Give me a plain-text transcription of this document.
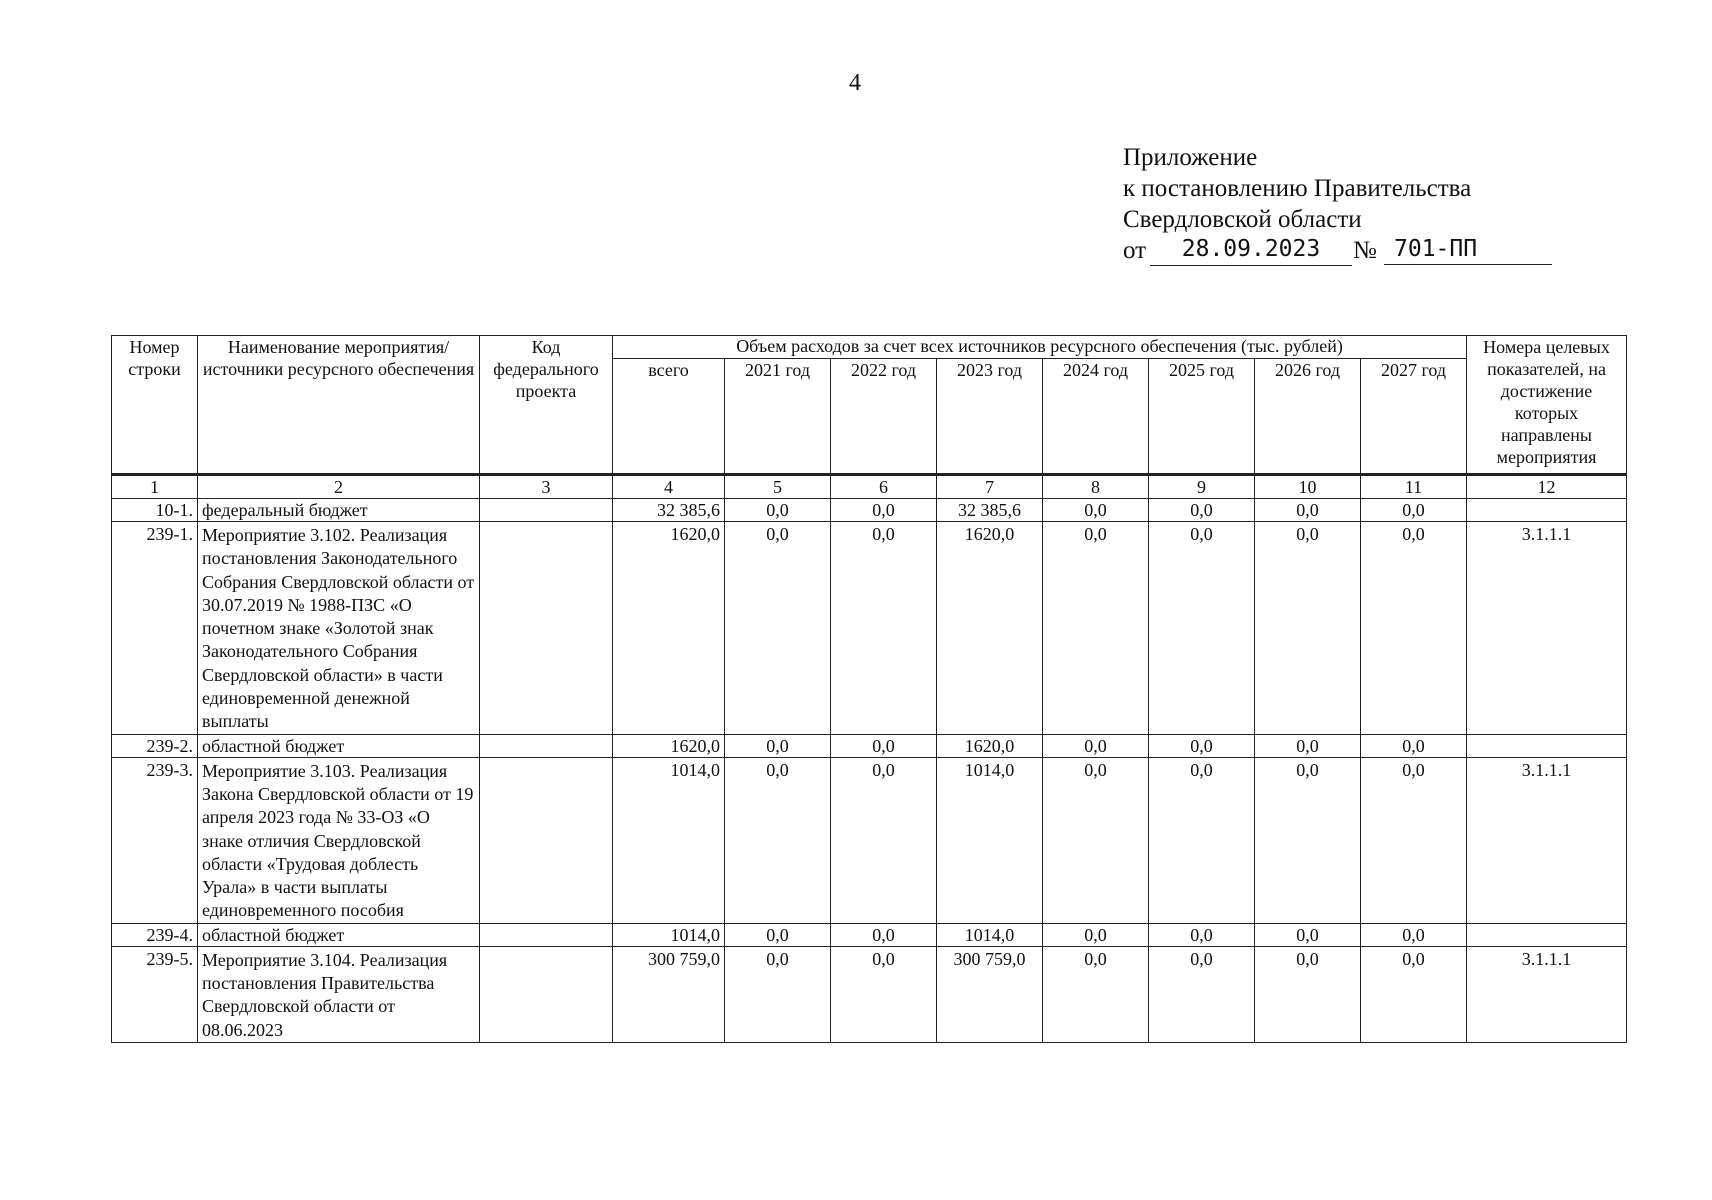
4
Приложение
к постановлению Правительства
Свердловской области
от	28.09.2023	№ 701-ПП
Номер строки	Наименование мероприятия/ источники ресурсного обеспечения	Код федерального проекта	Объем расходов за счет всех источников ресурсного обеспечения (тыс. рублей)								Номера целевых показателей, на достижение которых направлены мероприятия
			всего	2021 год	2022 год	2023 год	2024 год	2025 год	2026 год	2027 год	
1	2	3	4	5	6	7	8	9	10	11	12
10-1.	федеральный бюджет		32 385,6	0,0	0,0	32 385,6	0,0	0,0	0,0	0,0	
239-1.	Мероприятие 3.102. Реализация постановления Законодательного Собрания Свердловской области от 30.07.2019 № 1988-ПЗС «О почетном знаке «Золотой знак Законодательного Собрания Свердловской области» в части единовременной денежной выплаты		1620,0	0,0	0,0	1620,0	0,0	0,0	0,0	0,0	3.1.1.1
239-2.	областной бюджет		1620,0	0,0	0,0	1620,0	0,0	0,0	0,0	0,0	
239-3.	Мероприятие 3.103. Реализация Закона Свердловской области от 19 апреля 2023 года № 33-ОЗ «О знаке отличия Свердловской области «Трудовая доблесть Урала» в части выплаты единовременного пособия		1014,0	0,0	0,0	1014,0	0,0	0,0	0,0	0,0	3.1.1.1
239-4.	областной бюджет		1014,0	0,0	0,0	1014,0	0,0	0,0	0,0	0,0	
239-5.	Мероприятие 3.104. Реализация постановления Правительства Свердловской области от 08.06.2023		300 759,0	0,0	0,0	300 759,0	0,0	0,0	0,0	0,0	3.1.1.1
